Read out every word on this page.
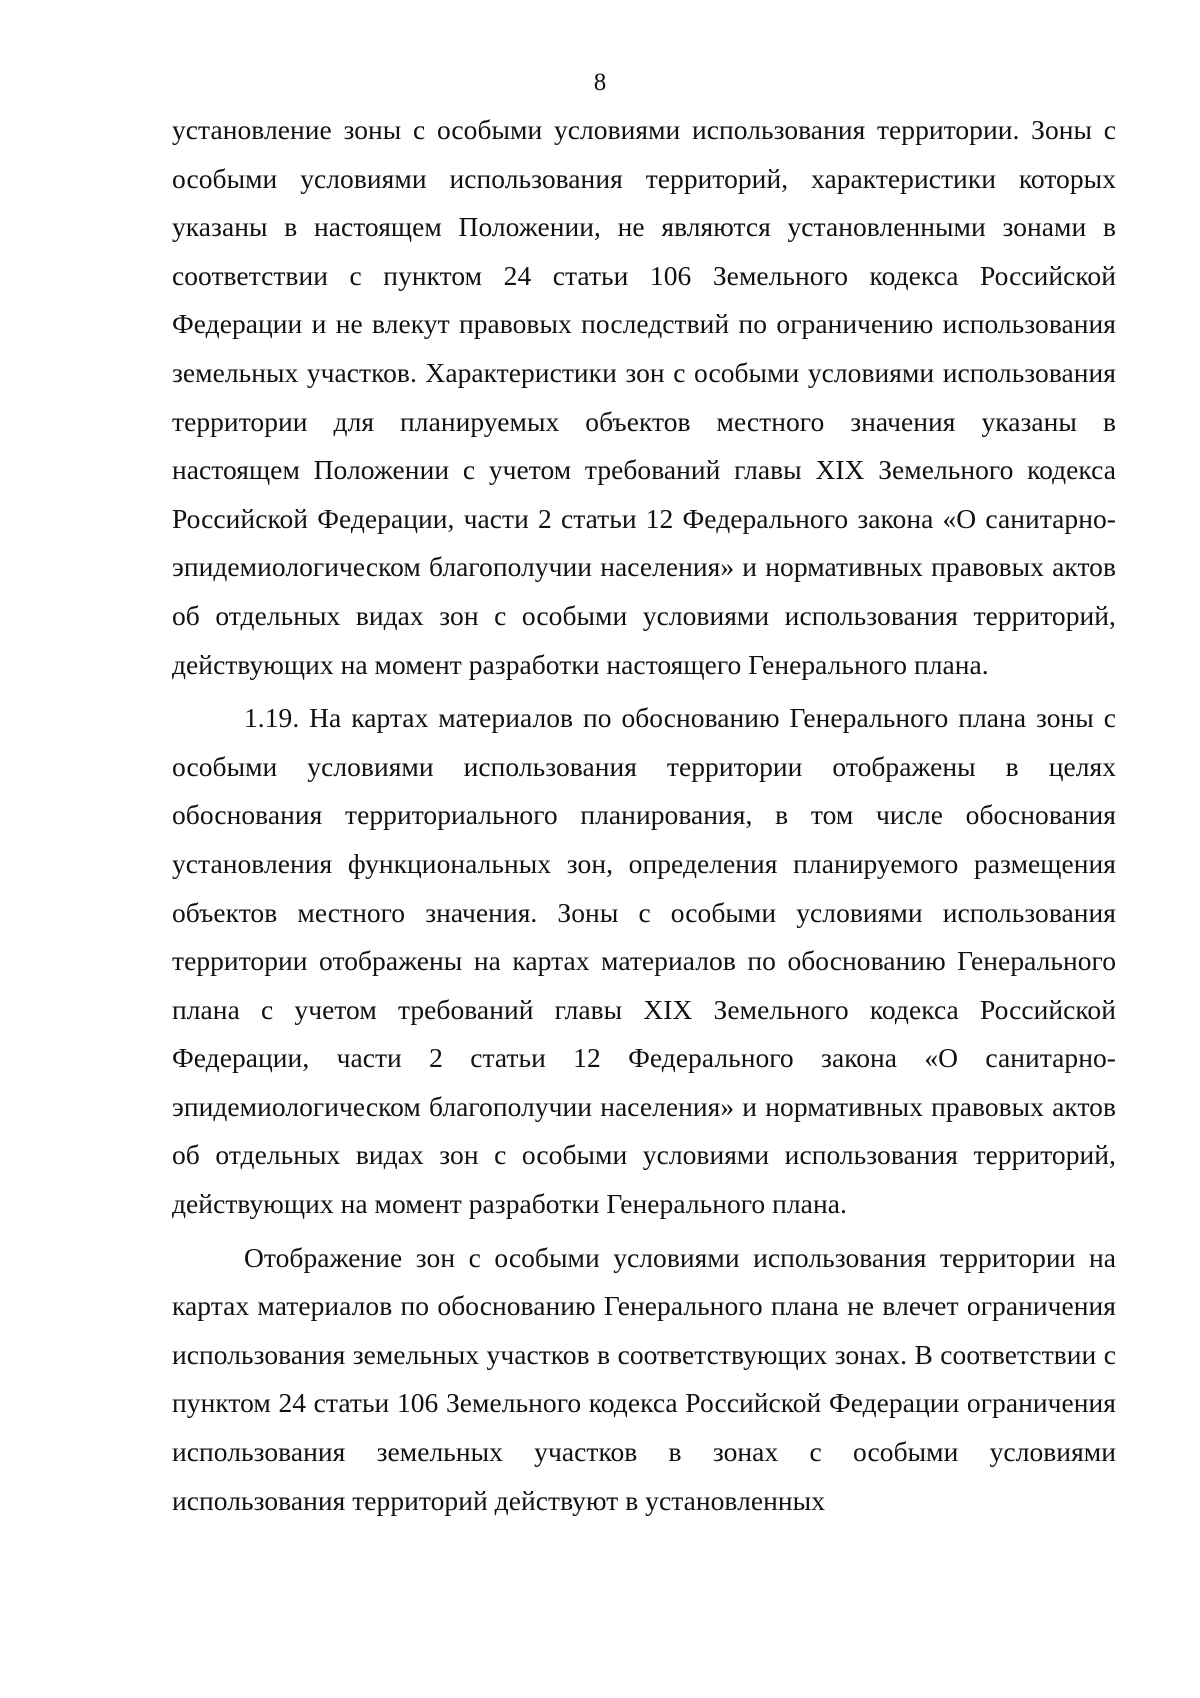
8

установление зоны с особыми условиями использования территории. Зоны с особыми условиями использования территорий, характеристики которых указаны в настоящем Положении, не являются установленными зонами в соответствии с пунктом 24 статьи 106 Земельного кодекса Российской Федерации и не влекут правовых последствий по ограничению использования земельных участков. Характеристики зон с особыми условиями использования территории для планируемых объектов местного значения указаны в настоящем Положении с учетом требований главы XIX Земельного кодекса Российской Федерации, части 2 статьи 12 Федерального закона «О санитарно-эпидемиологическом благополучии населения» и нормативных правовых актов об отдельных видах зон с особыми условиями использования территорий, действующих на момент разработки настоящего Генерального плана.

1.19. На картах материалов по обоснованию Генерального плана зоны с особыми условиями использования территории отображены в целях обоснования территориального планирования, в том числе обоснования установления функциональных зон, определения планируемого размещения объектов местного значения. Зоны с особыми условиями использования территории отображены на картах материалов по обоснованию Генерального плана с учетом требований главы XIX Земельного кодекса Российской Федерации, части 2 статьи 12 Федерального закона «О санитарно-эпидемиологическом благополучии населения» и нормативных правовых актов об отдельных видах зон с особыми условиями использования территорий, действующих на момент разработки Генерального плана.

Отображение зон с особыми условиями использования территории на картах материалов по обоснованию Генерального плана не влечет ограничения использования земельных участков в соответствующих зонах. В соответствии с пунктом 24 статьи 106 Земельного кодекса Российской Федерации ограничения использования земельных участков в зонах с особыми условиями использования территорий действуют в установленных
